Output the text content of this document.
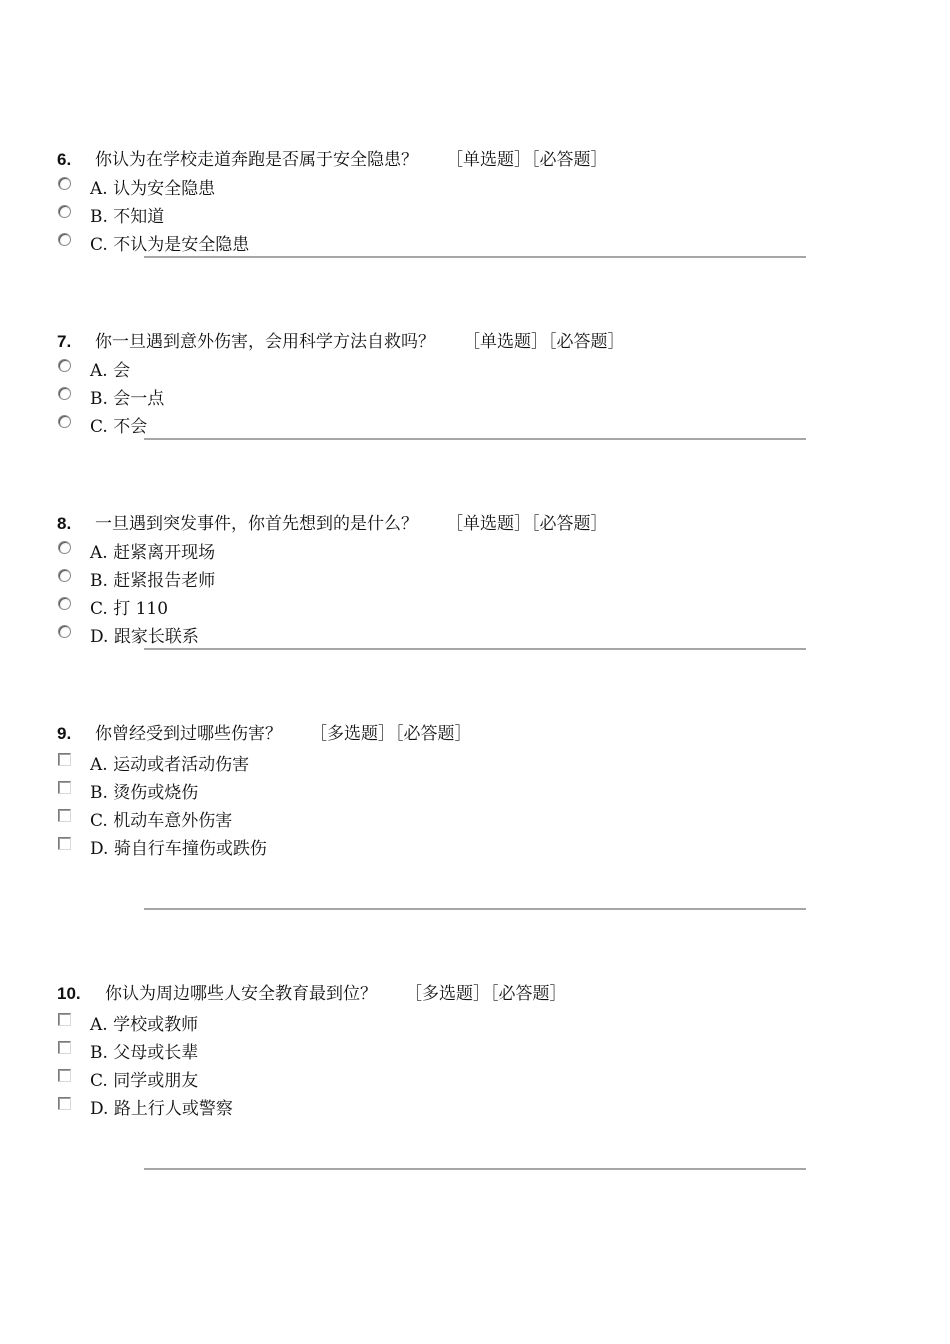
6. 你认为在学校走道奔跑是否属于安全隐患？ ［单选题］［必答题］
A. 认为安全隐患
B. 不知道
C. 不认为是安全隐患
7. 你一旦遇到意外伤害，会用科学方法自救吗？ ［单选题］［必答题］
A. 会
B. 会一点
C. 不会
8. 一旦遇到突发事件，你首先想到的是什么？ ［单选题］［必答题］
A. 赶紧离开现场
B. 赶紧报告老师
C. 打 110
D. 跟家长联系
9. 你曾经受到过哪些伤害？ ［多选题］［必答题］
A. 运动或者活动伤害
B. 烫伤或烧伤
C. 机动车意外伤害
D. 骑自行车撞伤或跌伤
10. 你认为周边哪些人安全教育最到位？ ［多选题］［必答题］
A. 学校或教师
B. 父母或长辈
C. 同学或朋友
D. 路上行人或警察
